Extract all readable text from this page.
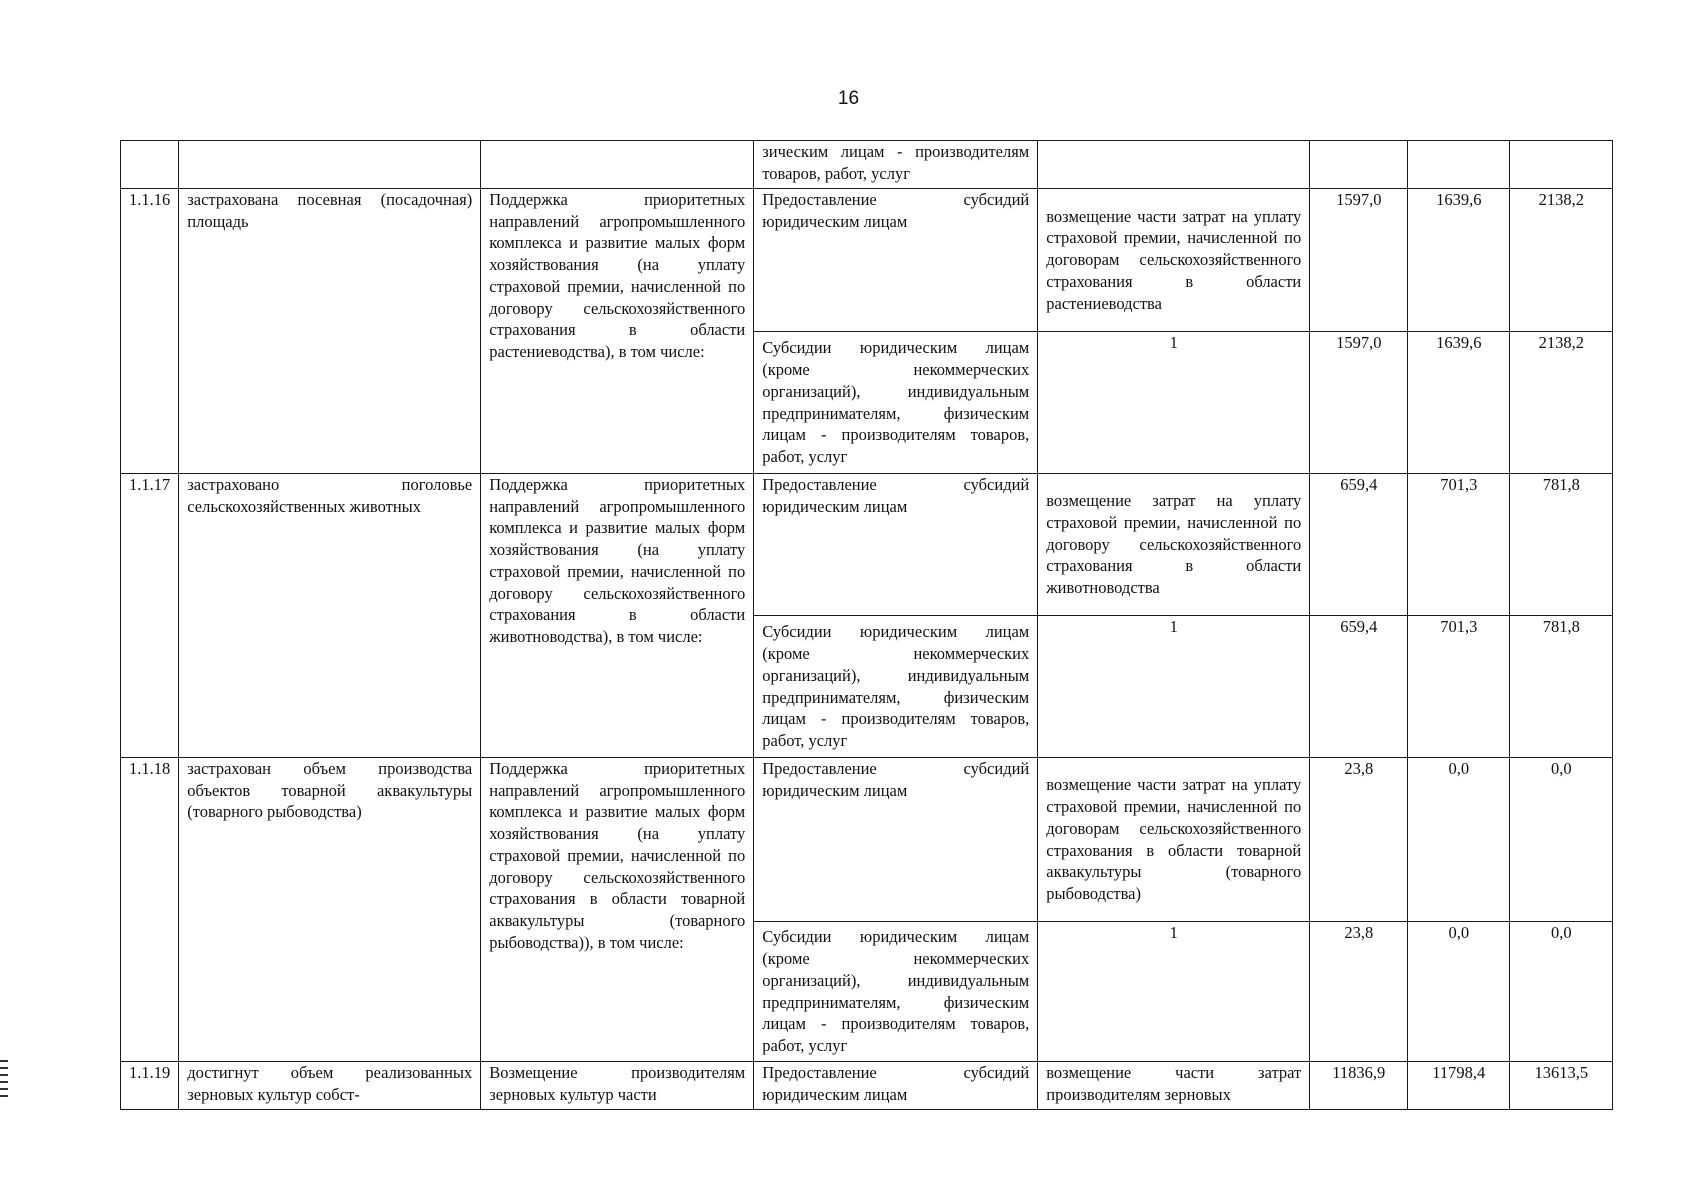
16
			зическим лицам - производителям товаров, работ, услуг				
1.1.16	застрахована посевная (посадочная) площадь	Поддержка приоритетных направлений агропромышленного комплекса и развитие малых форм хозяйствования (на уплату страховой премии, начисленной по договору сельскохозяйственного страхования в области растениеводства), в том числе:	Предоставление субсидий юридическим лицам	возмещение части затрат на уплату страховой премии, начисленной по договорам сельскохозяйственного страхования в области растениеводства	1597,0	1639,6	2138,2
			Субсидии юридическим лицам (кроме некоммерческих организаций), индивидуальным предпринимателям, физическим лицам - производителям товаров, работ, услуг	1	1597,0	1639,6	2138,2
1.1.17	застраховано поголовье сельскохозяйственных животных	Поддержка приоритетных направлений агропромышленного комплекса и развитие малых форм хозяйствования (на уплату страховой премии, начисленной по договору сельскохозяйственного страхования в области животноводства), в том числе:	Предоставление субсидий юридическим лицам	возмещение затрат на уплату страховой премии, начисленной по договору сельскохозяйственного страхования в области животноводства	659,4	701,3	781,8
			Субсидии юридическим лицам (кроме некоммерческих организаций), индивидуальным предпринимателям, физическим лицам - производителям товаров, работ, услуг	1	659,4	701,3	781,8
1.1.18	застрахован объем производства объектов товарной аквакультуры (товарного рыбоводства)	Поддержка приоритетных направлений агропромышленного комплекса и развитие малых форм хозяйствования (на уплату страховой премии, начисленной по договору сельскохозяйственного страхования в области товарной аквакультуры (товарного рыбоводства)), в том числе:	Предоставление субсидий юридическим лицам	возмещение части затрат на уплату страховой премии, начисленной по договорам сельскохозяйственного страхования в области товарной аквакультуры (товарного рыбоводства)	23,8	0,0	0,0
			Субсидии юридическим лицам (кроме некоммерческих организаций), индивидуальным предпринимателям, физическим лицам - производителям товаров, работ, услуг	1	23,8	0,0	0,0
1.1.19	достигнут объем реализованных зерновых культур собст-	Возмещение производителям зерновых культур части	Предоставление субсидий юридическим лицам	возмещение части затрат производителям зерновых	11836,9	11798,4	13613,5
